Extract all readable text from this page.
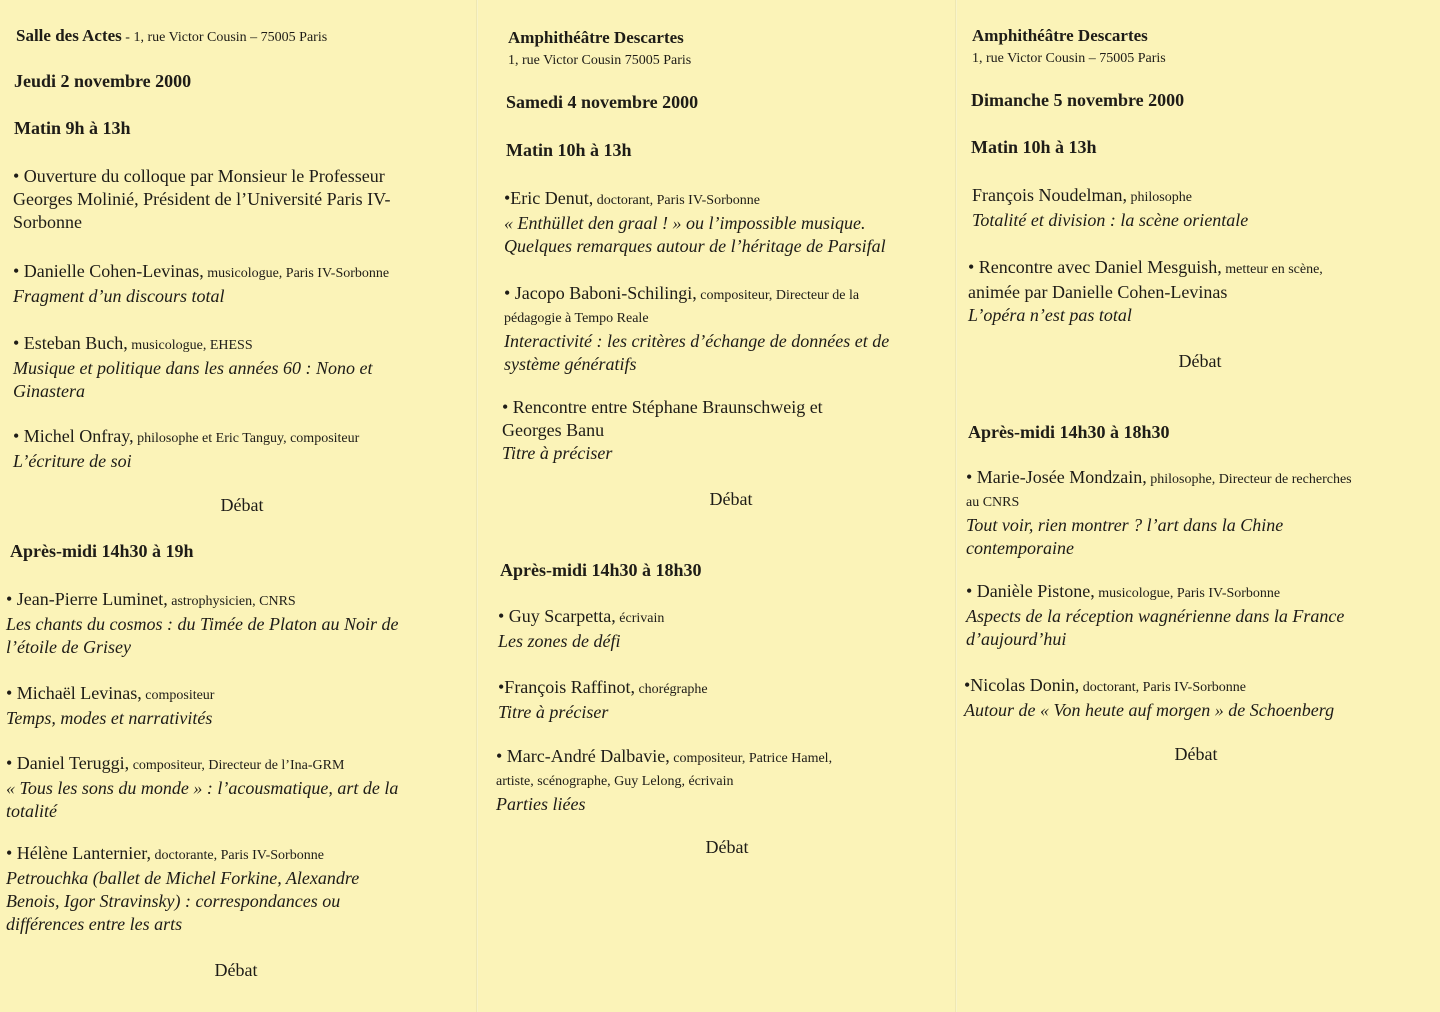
Salle des Actes - 1, rue Victor Cousin – 75005 Paris
Jeudi 2 novembre 2000
Matin 9h à 13h
• Ouverture du colloque par Monsieur le Professeur
Georges Molinié, Président de l’Université Paris IV-
Sorbonne
• Danielle Cohen-Levinas, musicologue, Paris IV-Sorbonne
Fragment d’un discours total
• Esteban Buch, musicologue, EHESS
Musique et politique dans les années 60 : Nono et
Ginastera
• Michel Onfray, philosophe et Eric Tanguy, compositeur
L’écriture de soi
Débat
Après-midi 14h30 à 19h
• Jean-Pierre Luminet, astrophysicien, CNRS
Les chants du cosmos : du Timée de Platon au Noir de
l’étoile de Grisey
• Michaël Levinas, compositeur
Temps, modes et narrativités
• Daniel Teruggi, compositeur, Directeur de l’Ina-GRM
« Tous les sons du monde » : l’acousmatique, art de la
totalité
• Hélène Lanternier, doctorante, Paris IV-Sorbonne
Petrouchka (ballet de Michel Forkine, Alexandre
Benois, Igor Stravinsky) : correspondances ou
différences entre les arts
Débat
Amphithéâtre Descartes
1, rue Victor Cousin 75005 Paris
Samedi 4 novembre 2000
Matin 10h à 13h
•Eric Denut, doctorant, Paris IV-Sorbonne
« Enthüllet den graal ! » ou l’impossible musique.
Quelques remarques autour de l’héritage de Parsifal
• Jacopo Baboni-Schilingi, compositeur, Directeur de la
pédagogie à Tempo Reale
Interactivité : les critères d’échange de données et de
système génératifs
• Rencontre entre Stéphane Braunschweig et
Georges Banu
Titre à préciser
Débat
Après-midi 14h30 à 18h30
• Guy Scarpetta, écrivain
Les zones de défi
•François Raffinot, chorégraphe
Titre à préciser
• Marc-André Dalbavie, compositeur, Patrice Hamel,
artiste, scénographe, Guy Lelong, écrivain
Parties liées
Débat
Amphithéâtre Descartes
1, rue Victor Cousin – 75005 Paris
Dimanche 5 novembre 2000
Matin 10h à 13h
François Noudelman, philosophe
Totalité et division : la scène orientale
• Rencontre avec Daniel Mesguish, metteur en scène,
animée par Danielle Cohen-Levinas
L’opéra n’est pas total
Débat
Après-midi 14h30 à 18h30
• Marie-Josée Mondzain, philosophe, Directeur de recherches
au CNRS
Tout voir, rien montrer ? l’art dans la Chine
contemporaine
• Danièle Pistone, musicologue, Paris IV-Sorbonne
Aspects de la réception wagnérienne dans la France
d’aujourd’hui
•Nicolas Donin, doctorant, Paris IV-Sorbonne
Autour de « Von heute auf morgen » de Schoenberg
Débat
